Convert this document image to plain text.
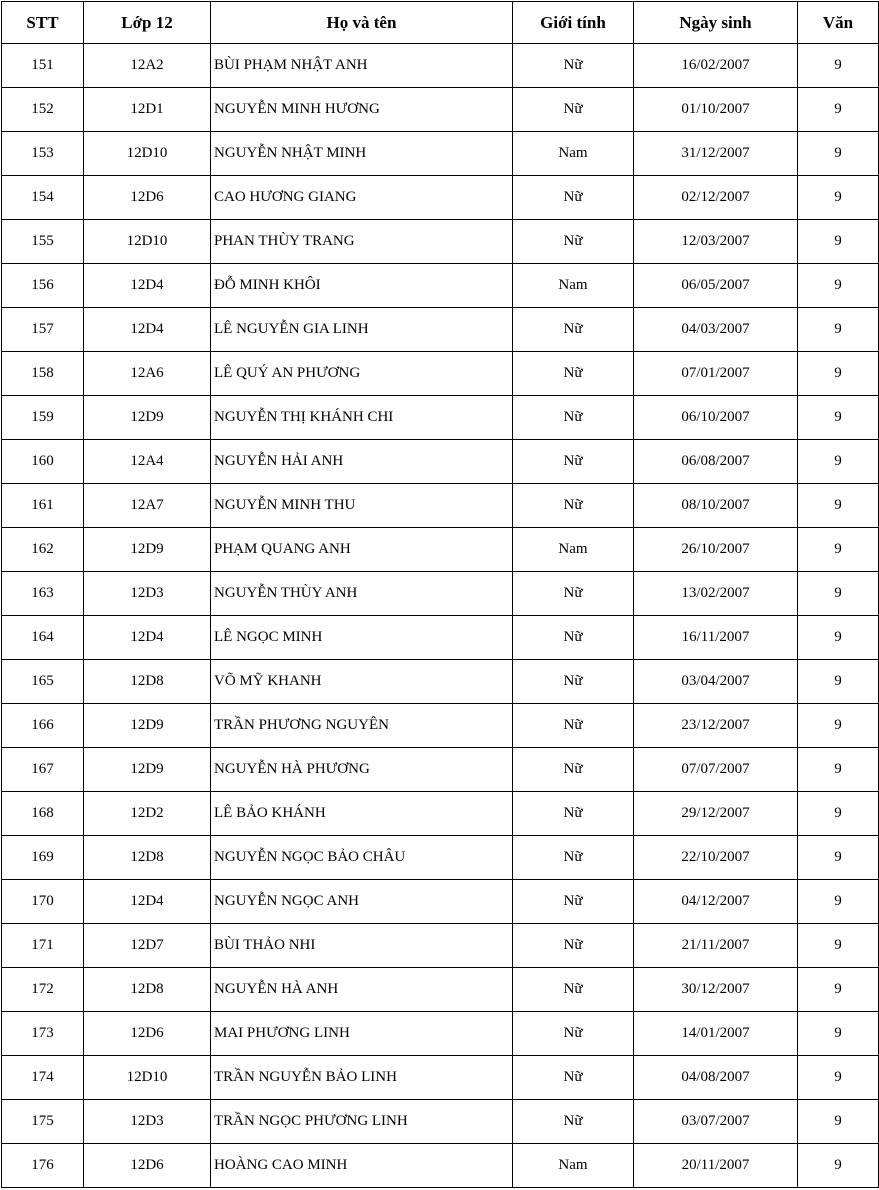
STT	Lớp 12	Họ và tên	Giới tính	Ngày sinh	Văn
151	12A2	BÙI PHẠM NHẬT ANH	Nữ	16/02/2007	9
152	12D1	NGUYỄN MINH HƯƠNG	Nữ	01/10/2007	9
153	12D10	NGUYỄN NHẬT MINH	Nam	31/12/2007	9
154	12D6	CAO HƯƠNG GIANG	Nữ	02/12/2007	9
155	12D10	PHAN THÙY TRANG	Nữ	12/03/2007	9
156	12D4	ĐỖ MINH KHÔI	Nam	06/05/2007	9
157	12D4	LÊ NGUYỄN GIA LINH	Nữ	04/03/2007	9
158	12A6	LÊ QUÝ AN PHƯƠNG	Nữ	07/01/2007	9
159	12D9	NGUYỄN THỊ KHÁNH CHI	Nữ	06/10/2007	9
160	12A4	NGUYỄN HẢI ANH	Nữ	06/08/2007	9
161	12A7	NGUYỄN MINH THU	Nữ	08/10/2007	9
162	12D9	PHẠM QUANG ANH	Nam	26/10/2007	9
163	12D3	NGUYỄN THÙY ANH	Nữ	13/02/2007	9
164	12D4	LÊ NGỌC MINH	Nữ	16/11/2007	9
165	12D8	VÕ MỸ KHANH	Nữ	03/04/2007	9
166	12D9	TRẦN PHƯƠNG NGUYÊN	Nữ	23/12/2007	9
167	12D9	NGUYỄN HÀ PHƯƠNG	Nữ	07/07/2007	9
168	12D2	LÊ BẢO KHÁNH	Nữ	29/12/2007	9
169	12D8	NGUYỄN NGỌC BẢO CHÂU	Nữ	22/10/2007	9
170	12D4	NGUYỄN NGỌC ANH	Nữ	04/12/2007	9
171	12D7	BÙI THẢO NHI	Nữ	21/11/2007	9
172	12D8	NGUYỄN HÀ ANH	Nữ	30/12/2007	9
173	12D6	MAI PHƯƠNG LINH	Nữ	14/01/2007	9
174	12D10	TRẦN NGUYỄN BẢO LINH	Nữ	04/08/2007	9
175	12D3	TRẦN NGỌC PHƯƠNG LINH	Nữ	03/07/2007	9
176	12D6	HOÀNG CAO MINH	Nam	20/11/2007	9
